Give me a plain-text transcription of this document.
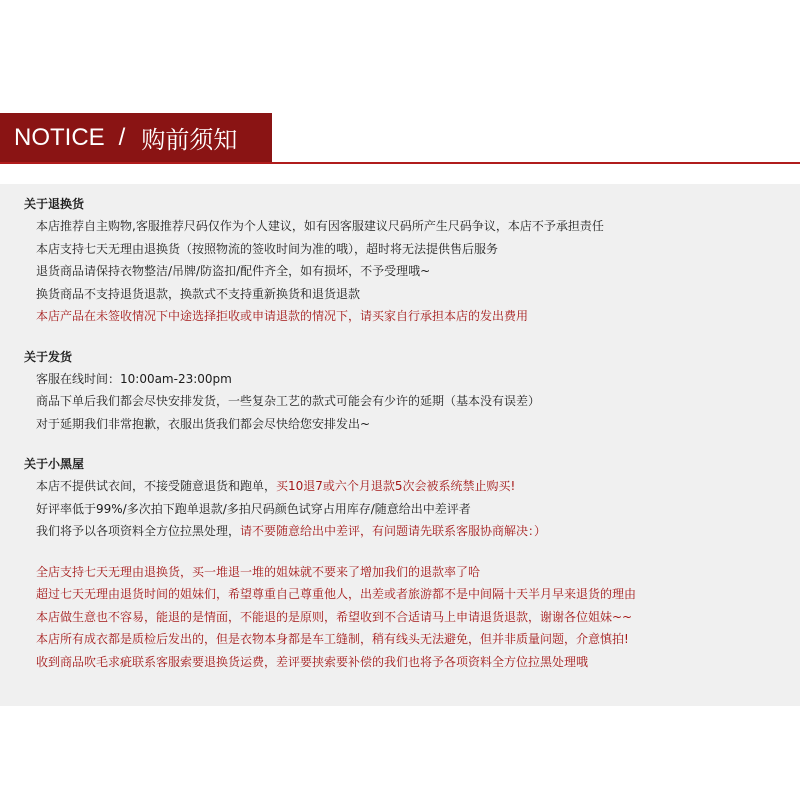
NOTICE / 购前须知
关于退换货
本店推荐自主购物,客服推荐尺码仅作为个人建议，如有因客服建议尺码所产生尺码争议，本店不予承担责任
本店支持七天无理由退换货（按照物流的签收时间为准的哦），超时将无法提供售后服务
退货商品请保持衣物整洁/吊牌/防盗扣/配件齐全，如有损坏，不予受理哦~
换货商品不支持退货退款，换款式不支持重新换货和退货退款
本店产品在未签收情况下中途选择拒收或申请退款的情况下，请买家自行承担本店的发出费用
关于发货
客服在线时间：10:00am-23:00pm
商品下单后我们都会尽快安排发货，一些复杂工艺的款式可能会有少许的延期（基本没有误差）
对于延期我们非常抱歉，衣服出货我们都会尽快给您安排发出~
关于小黑屋
本店不提供试衣间，不接受随意退货和跑单，买10退7或六个月退款5次会被系统禁止购买!
好评率低于99%/多次拍下跑单退款/多拍尺码颜色试穿占用库存/随意给出中差评者
我们将予以各项资料全方位拉黑处理，请不要随意给出中差评，有问题请先联系客服协商解决：）
全店支持七天无理由退换货，买一堆退一堆的姐妹就不要来了增加我们的退款率了哈
超过七天无理由退货时间的姐妹们，希望尊重自己尊重他人，出差或者旅游都不是中间隔十天半月早来退货的理由
本店做生意也不容易，能退的是情面，不能退的是原则，希望收到不合适请马上申请退货退款，谢谢各位姐妹~~
本店所有成衣都是质检后发出的，但是衣物本身都是车工缝制，稍有线头无法避免，但并非质量问题，介意慎拍!
收到商品吹毛求疵联系客服索要退换货运费，差评要挟索要补偿的我们也将予各项资料全方位拉黑处理哦
